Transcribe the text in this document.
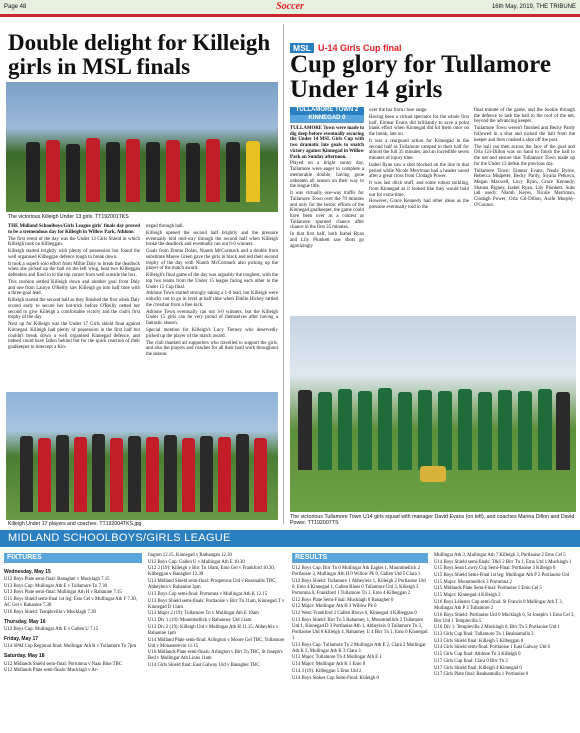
Page 48	Soccer	16th May, 2019, THE TRIBUNE
Double delight for Killeigh girls in MSL finals
The victorious Killeigh Under 13 girls. TT192001TKS

THE Midland Schoolboys/Girls League girls' finals day proved to be a tremendous day for Killeigh in Willow Park, Athlone.

The first event of the day was the Under 13 Girls Shield in which Killeigh took on Kilbeggan.

Killeigh started brightly with plenty of possession but found the well organised Kilbeggan defence tough to break down.

It took a superb solo effort from Millie Daly to break the deadlock when she picked up the ball on the left wing, beat two Kilbeggan defenders and fired in to the top corner from well outside the box.

This cushion settled Killeigh down and another goal from Daly and one from Lauryn O'Reilly saw Killeigh go into half time with a three-goal lead.

Killeigh started the second half as they finished the first when Daly scored early to secure her hat-trick before O'Reilly netted her second to give Killeigh a comfortable victory and the club's first trophy of the day.

Next up for Killeigh was the Under 17 Girls shield final against Kinnegad. Killeigh had plenty of possession in the first half but couldn't break down a well organised Kinnegad defence, and indeed could have fallen behind but for the quick reaction of their goalkeeper to intercept a Kin-

negad through ball.

Killeigh opened the second half brightly and the pressure eventually told mid-way through the second half when Killeigh broke the deadlock and eventually ran out 6-0 winners.

Goals from Emma Dolan, Niamh McCormack and a double from substitute Maeve Green gave the girls in black and red their second trophy of the day with Niamh McCormack also picking up the player of the match award.

Killeigh's final game of the day was arguably the toughest, with the top two teams from the Under 15 league facing each other in the Under 15 Cup final.

Athlone Town started strongly taking a 1-0 lead, but Killeigh were unlucky not to go in level at half time when Ebhlin Hickey rattled the crossbar from a free kick.

Athlone Town eventually ran out 3-0 winners, but the Killeigh Under 15 girls can be very proud of themselves after having a fantastic season.

Special mention for Killeigh's Lucy Tierney who deservedly picked up the player of the match award.

The club thanked all supporters who travelled to support the girls, and also the players and coaches for all their hard work throughout the season.

Killeigh Under 17 players and coaches. TT192004TKS.jpg
MSL U-14 Girls Cup final
Cup glory for Tullamore Under 14 girls
TULLAMORE TOWN 2
KINNEGAD 0

TULLAMORE Town were made to dig deep before eventually securing the Under 14 MSL Girls Cup with two dramatic late goals to snatch victory against Kinnegad in Willow Park on Sunday afternoon.

Played on a bright sunny day, Tullamore were eager to complete a memorable double, having gone unbeaten all season on their way to the league title.

It was virtually one-way traffic for Tullamore Town over the 70 minutes and only for the heroic efforts of the Kinnegad goalkeeper, the game could have been over as a contest as Tullamore spurned chance after chance in the first 35 minutes.

In that first half, both Isabel Ryan and Lily Plunkett saw shots go agonizingly

over the bar from close range.

Having been a virtual spectator for the whole first half, Eimear Evans did brilliantly to save a point blank effort when Kinnegad did hit them once on the break, late on.

It was a rearguard action for Kinnegad in the second half as Tullamore camped in their half for almost the full 35 minutes, and an incredible seven minutes of injury time.

Isabel Ryan saw a shot blocked on the line in that period while Nicole Merriman had a header saved after a great cross from Clodagh Power.

It was last ditch stuff, and some robust tackling, from Kinnegad as it looked like they would hold out for extra-time.

However, Grace Kennedy had other ideas as the pressure eventually told in the

final minute of the game, and the bookie through the defence to lash the ball to the roof of the net, beyond the advancing keeper.

Tullamore Town weren't finished and Becky Pardy followed in a shot and nicked the ball from the keeper and then crashed a shot off the post.

The ball ran then across the face of the goal and Orla Gil-Dillon was on hand to finish the ball to the net and ensure that Tullamore Town made up for the Under 13 defeat the previous day.

Tullamore Town: Eimear Evans; Neala Byrne, Rebecca Mulpeter, Becky Pardy, Siyana Petkova, Megan Maxwell, Lucy Ryan, Grace Kennedy, Shauna Rigney, Isabel Ryan, Lily Plunkett. Subs (all used): Niamh Keyes, Nicole Merriman, Clodagh Power, Orla Gil-Dillon, Aoife Murphy-O'Connor.

The victorious Tullamore Town U14 girls squad with manager David Evans (on left), and coaches Marina Dillon and David Power. TT192007TS
MIDLAND SCHOOLBOYS/GIRLS LEAGUE
FIXTURES	RESULTS
Wednesday, May 15
U12 Boys Plate semi-final: Banagher v Mucklagh 7.15
U13 Boys Cup: Mullingar Ath E v Tullamore Tn 7.30
U13 Boys Plate semi-final: Mullingar Ath H v Rahanine 7.15
U15 Boys Shield semi-final 1st leg: Esto Cel v Mullingar Ath F 7.30, AC Gel v Rahanine 7.30
U16 Boys Shield: Templevilla v Mucklagh 7.30
Thursday, May 16
U12 Boys Cup: Mullingar Ath E v Gallen U 7.15
Friday, May 17
U14 SPAI Cup Regional final: Mullingar Ath R v Tullamore Tn 7pm
Saturday, May 18
U12 Midlands Shield semi-final: Portumna v Naas Blue TBC
U12 Midlands Plate semi-finals: Mucklagh v Ar-
lington 12.15, Kinnegad v Rathangan 12.30
U12 Boys Cup: Gallen U v Mullingar Ath E 10.30
U12 2 (19): Killeigh v Birr Tn 10am, Emo Gel v Frankford 10.30, Kilbeggan v Banagher 12.30
U13 Midland Shield semi-final: Prosperous Utd v Rosenallis TBC, Abbeyleix v Rahanine 3pm
U13 Boys Cup semi-final: Portumna v Mullingar Ath K 12.15
U13 Boys Shield semi-finals: Portlaoise v Birr Tn 11am, Kinnegad T v Kinnegad D 11am
U13 Major 2 (19): Tullamore Tn v Mullingar Ath E 10am
U13 Div 1 (19): Mountmellick v Rahanney Utd 11am
U13 Div 2 (19): Killeigh Utd v Mullingar Ath H 11.15, Abbeyleix v Rahanine 1pm
U14 Midland Plate semi-final: Arlington v Moore Gel TBC, Tullamore Utd v Monasterevin 11.15
U16 Midlands Plate semi-finals: Arlington v Birr Tn TBC, St Joseph's Red v Mullingar Ath Lions 11am
U14 Girls Shield final: East Galway Utd v Banagher TBC
U12 Boys Cup: Birr Tn 0 Mullingar Ath Eagles 1, Mountmellick 2 Portlaoise 3, Mullingar Ath H 0 Willow Pk 0, Gallen Utd 5 Clara 1
U12 Boys Shield: Tullamore 1 Abbeyleix 1, Killeigh 2 Portlaoise Utd 0, Emo 4 Kinnegad 1, Gallen Blues 0 Tullamore Utd 3, Killeigh 3 Portumna 0, Frankford 1 Tullamore Tn 1, Emo 4 Kilbeggan 2
U12 Boys Plate Semi-Final: Mucklagh 0 Banagher 0
U12 Major: Mullingar Ath H 3 Willow Pk 0
U12 West: Frankford 2 Gallen Rhoys 0, Kinnegad 4 Kilbeggan 0
U13 Boys Shield: Birr Tn 5 Rahanney 1, Mountmellick 2 Tullamore Utd 1, Kinnegad D 3 Portlaoise Ath 1, Abbeyleix 0 Tullamore Tn 3, Portlaoise Utd 0 Killeigh 4, Rahanney U 4 Birr Tn 1, Emo 0 Kinnegad 1
U13 Boys Cup: Tullamore Tn 2 Mullingar Ath E 2, Clara 2 Mullingar Ath K 3, Mullingar Ath K 3 Clara 3
U13 Major: Tullamore Tn 4 Mullingar Ath E 1
U14 Major: Mullingar Ath K 1 Emo 0
U14 3 (19): Kilbeggan 5 Emo Utd 2
U14 Boys Stokes Cup Semi-Final: Killeigh 0
Mullingar Ath 3, Mullingar Ath 7 Killeigh 3, Portlaoise 2 Emo Cel 5
U14 Boys Shield semi-finals: T&S 2 Birr Tn 1, Emo Utd 1 Mucklagh 1
U15 Boys Sean Lowry Cup Semi-Final: Portlaoise 3 Killeigh 0
U15 Boys Shield Semi-Final 1st leg: Mullingar Ath P 2 Portlaoise Utd
U15 Major: Mountmellick 3 Portumna 2
U15 Midlands Plate Semi-Final: Portlaoise 1 Emo Cel 5
U15 Major: Kinnegad 4 Killeigh 2
U16 Boys Leinster Cup semi-final: St Francis 0 Mullingar Ath T 3, Mullingar Ath P 3 Tullamore 2
U16 Boys Shield: Portlaoise Utd 0 Mucklagh 6, St Joseph's 1 Emo Cel 3, Birr Utd 1 Templevilla 5
U16 Div 1: Templevilla 2 Mucklagh 0, Birr Tn 5 Portlaoise Utd 1
U13 Girls Cup final: Tullamore Tn 1 Bealnamulla 3
U13 Girls Shield final: Killeigh 5 Kilbeggan 0
U14 Girls Shield semi-final: Portlaoise 1 East Galway Utd 6
U15 Girls Cup final: Athlone Tn 3 Killeigh 0
U17 Girls Cup final: Clara 0 Birr Tn 2
U17 Girls Shield final: Killeigh 4 Kinnegad 0
U17 Girls Plate final: Bealnamulla 1 Portlaoise 0
